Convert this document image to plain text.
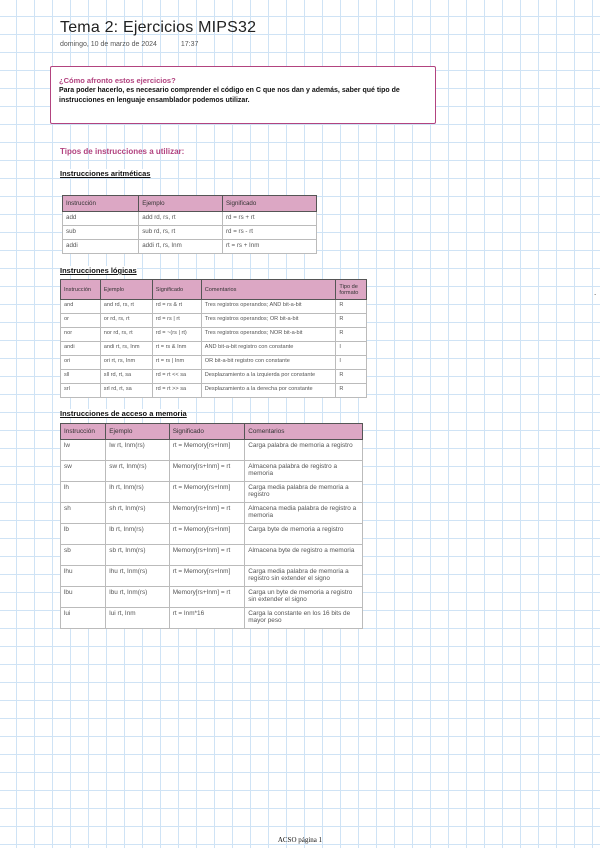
Tema 2: Ejercicios MIPS32
domingo, 10 de marzo de 2024	17:37
¿Cómo afronto estos ejercicios?
Para poder hacerlo, es necesario comprender el código en C que nos dan y además, saber qué tipo de instrucciones en lenguaje ensamblador podemos utilizar.
Tipos de instrucciones a utilizar:
Instrucciones aritméticas
Instrucción	Ejemplo	Significado
add	add rd, rs, rt	rd = rs + rt
sub	sub rd, rs, rt	rd = rs - rt
addi	addi rt, rs, Inm	rt = rs + Inm
Instrucciones lógicas
Instrucción	Ejemplo	Significado	Comentarios	Tipo de formato
and	and rd, rs, rt	rd = rs & rt	Tres registros operandos; AND bit-a-bit	R
or	or rd, rs, rt	rd = rs | rt	Tres registros operandos; OR bit-a-bit	R
nor	nor rd, rs, rt	rd = ~(rs | rt)	Tres registros operandos; NOR bit-a-bit	R
andi	andi rt, rs, Inm	rt = rs & Inm	AND bit-a-bit registro con constante	I
ori	ori rt, rs, Inm	rt = rs | Inm	OR bit-a-bit registro con constante	I
sll	sll rd, rt, sa	rd = rt << sa	Desplazamiento a la izquierda por constante	R
srl	srl rd, rt, sa	rd = rt >> sa	Desplazamiento a la derecha por constante	R
Instrucciones de acceso a memoria
Instrucción	Ejemplo	Significado	Comentarios
lw	lw rt, Inm(rs)	rt = Memory[rs+Inm]	Carga palabra de memoria a registro
sw	sw rt, Inm(rs)	Memory[rs+Inm] = rt	Almacena palabra de registro a memoria
lh	lh rt, Inm(rs)	rt = Memory[rs+Inm]	Carga media palabra de memoria a registro
sh	sh rt, Inm(rs)	Memory[rs+Inm] = rt	Almacena media palabra de registro a memoria
lb	lb rt, Inm(rs)	rt = Memory[rs+Inm]	Carga byte de memoria a registro
sb	sb rt, Inm(rs)	Memory[rs+Inm] = rt	Almacena byte de registro a memoria
lhu	lhu rt, Inm(rs)	rt = Memory[rs+Inm]	Carga media palabra de memoria a registro sin extender el signo
lbu	lbu rt, Inm(rs)	Memory[rs+Inm] = rt	Carga un byte de memoria a registro sin extender el signo
lui	lui rt, Inm	rt = Inm*16	Carga la constante en los 16 bits de mayor peso
.
ACSO página 1
